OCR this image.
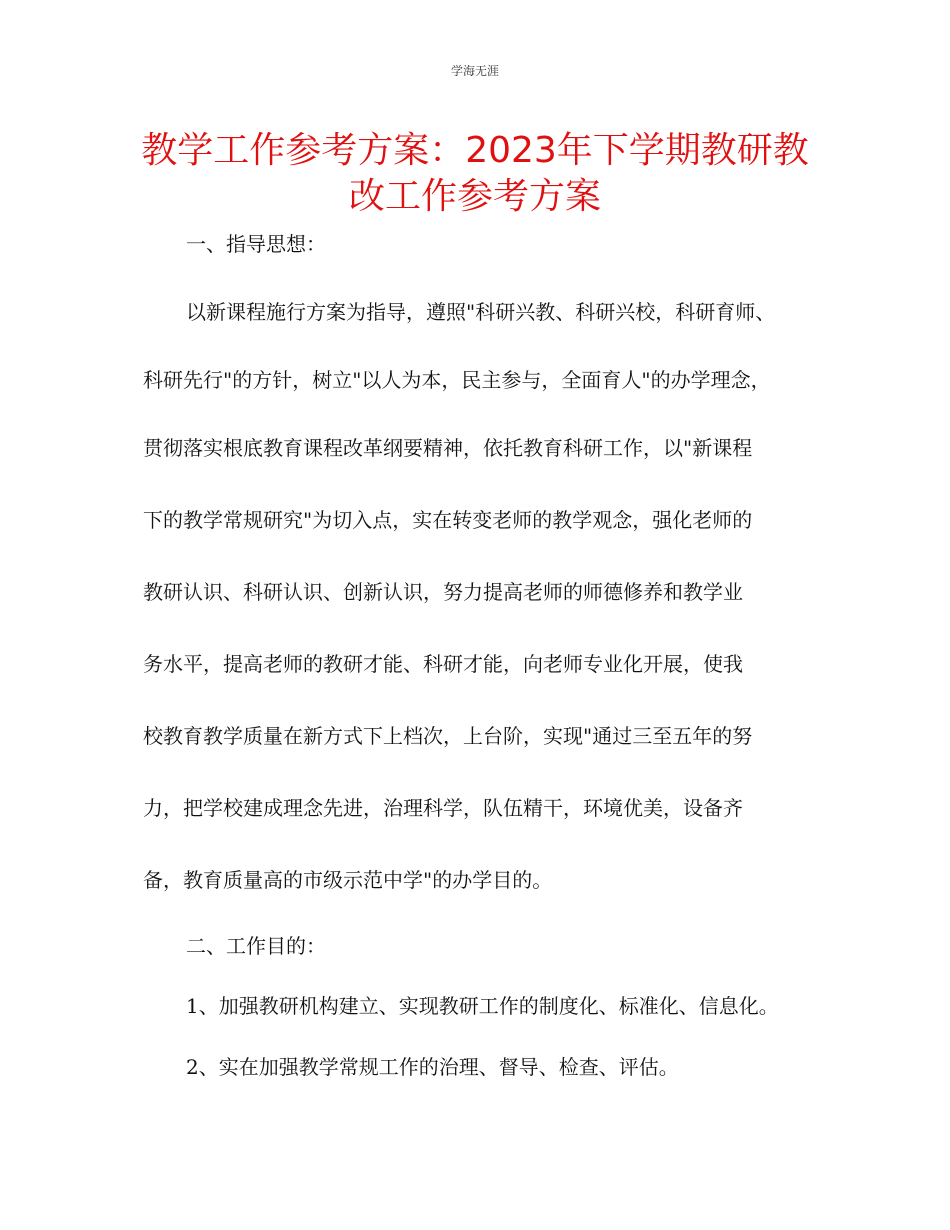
学海无涯
教学工作参考方案：2023年下学期教研教
改工作参考方案

一、指导思想：

以新课程施行方案为指导，遵照"科研兴教、科研兴校，科研育师、

科研先行"的方针，树立"以人为本，民主参与，全面育人"的办学理念，

贯彻落实根底教育课程改革纲要精神，依托教育科研工作，以"新课程

下的教学常规研究"为切入点，实在转变老师的教学观念，强化老师的

教研认识、科研认识、创新认识，努力提高老师的师德修养和教学业

务水平，提高老师的教研才能、科研才能，向老师专业化开展，使我

校教育教学质量在新方式下上档次，上台阶，实现"通过三至五年的努

力，把学校建成理念先进，治理科学，队伍精干，环境优美，设备齐

备，教育质量高的市级示范中学"的办学目的。

二、工作目的：

1、加强教研机构建立、实现教研工作的制度化、标准化、信息化。

2、实在加强教学常规工作的治理、督导、检查、评估。
